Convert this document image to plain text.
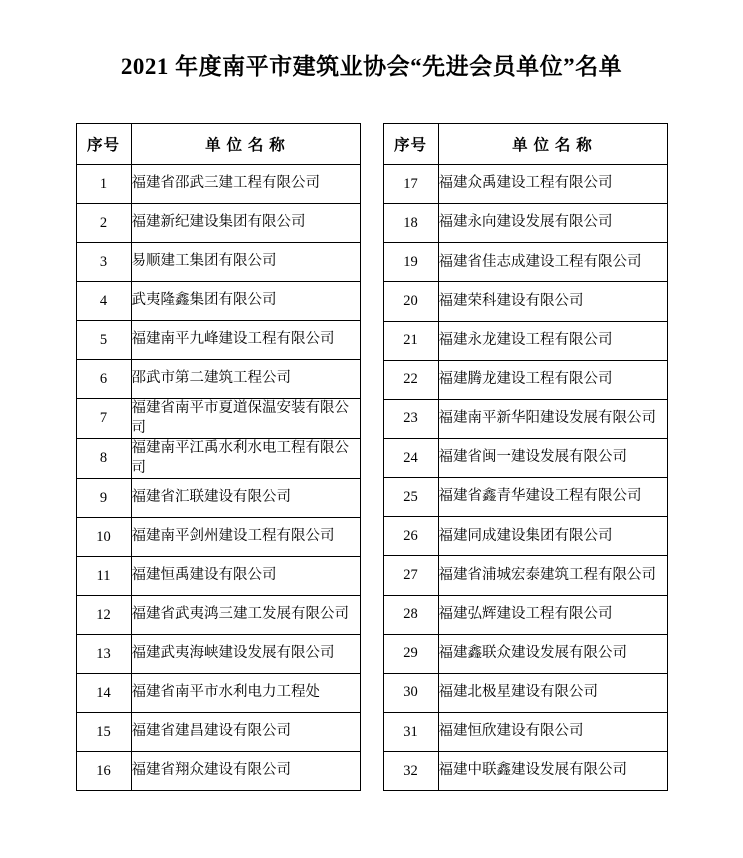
2021 年度南平市建筑业协会“先进会员单位”名单
序号	单 位 名 称
1	福建省邵武三建工程有限公司
2	福建新纪建设集团有限公司
3	易顺建工集团有限公司
4	武夷隆鑫集团有限公司
5	福建南平九峰建设工程有限公司
6	邵武市第二建筑工程公司
7	福建省南平市夏道保温安装有限公司
8	福建南平江禹水利水电工程有限公司
9	福建省汇联建设有限公司
10	福建南平剑州建设工程有限公司
11	福建恒禹建设有限公司
12	福建省武夷鸿三建工发展有限公司
13	福建武夷海峡建设发展有限公司
14	福建省南平市水利电力工程处
15	福建省建昌建设有限公司
16	福建省翔众建设有限公司
序号	单 位 名 称
17	福建众禹建设工程有限公司
18	福建永向建设发展有限公司
19	福建省佳志成建设工程有限公司
20	福建荣科建设有限公司
21	福建永龙建设工程有限公司
22	福建腾龙建设工程有限公司
23	福建南平新华阳建设发展有限公司
24	福建省闽一建设发展有限公司
25	福建省鑫青华建设工程有限公司
26	福建同成建设集团有限公司
27	福建省浦城宏泰建筑工程有限公司
28	福建弘辉建设工程有限公司
29	福建鑫联众建设发展有限公司
30	福建北极星建设有限公司
31	福建恒欣建设有限公司
32	福建中联鑫建设发展有限公司
